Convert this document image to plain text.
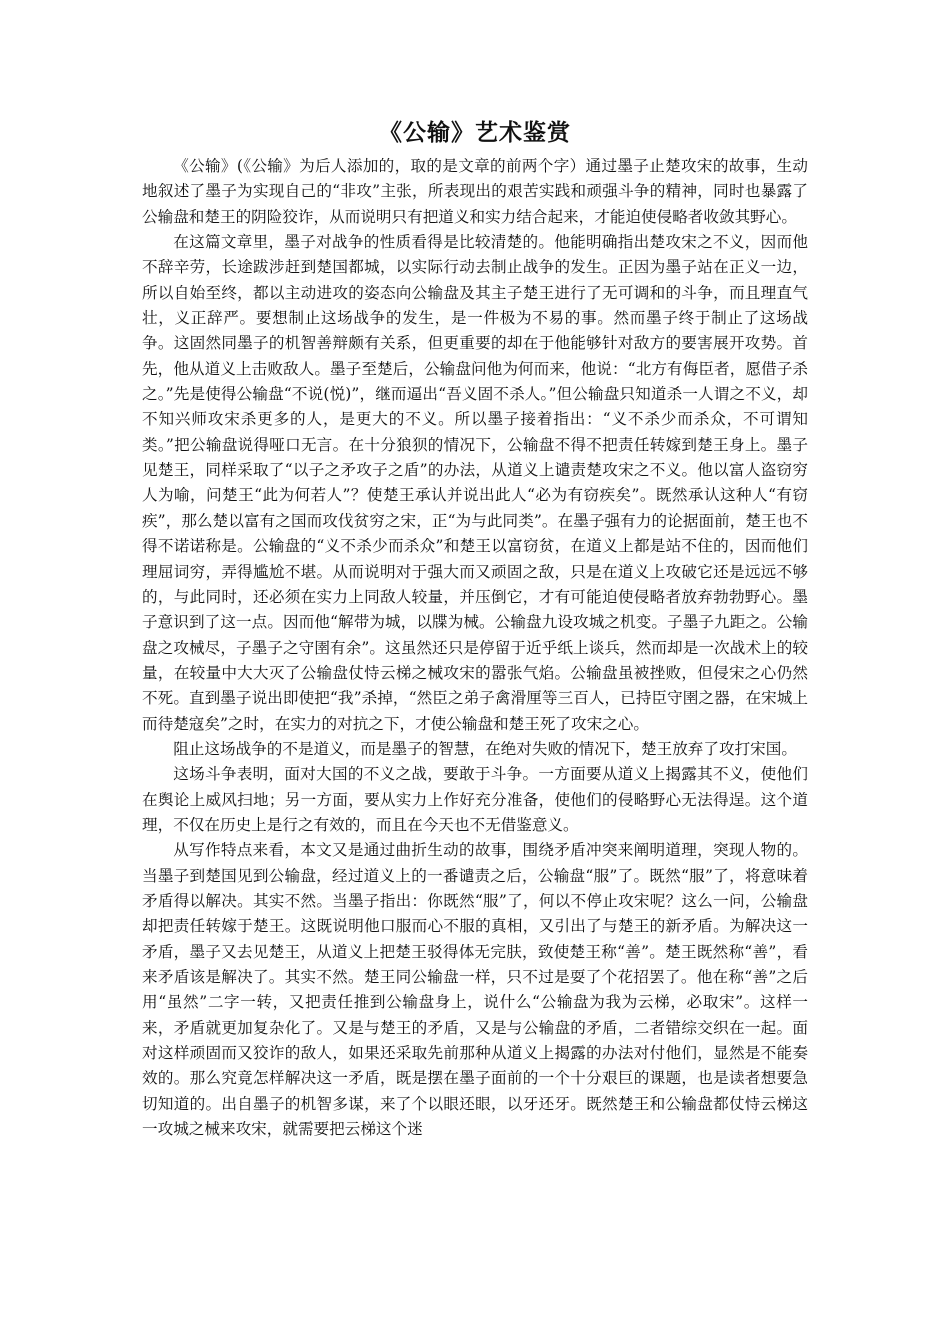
《公输》艺术鉴赏

《公输》(《公输》为后人添加的，取的是文章的前两个字）通过墨子止楚攻宋的故事，生动地叙述了墨子为实现自己的“非攻”主张，所表现出的艰苦实践和顽强斗争的精神，同时也暴露了公输盘和楚王的阴险狡诈，从而说明只有把道义和实力结合起来，才能迫使侵略者收敛其野心。

在这篇文章里，墨子对战争的性质看得是比较清楚的。他能明确指出楚攻宋之不义，因而他不辞辛劳，长途跋涉赶到楚国都城，以实际行动去制止战争的发生。正因为墨子站在正义一边，所以自始至终，都以主动进攻的姿态向公输盘及其主子楚王进行了无可调和的斗争，而且理直气壮，义正辞严。要想制止这场战争的发生，是一件极为不易的事。然而墨子终于制止了这场战争。这固然同墨子的机智善辩颇有关系，但更重要的却在于他能够针对敌方的要害展开攻势。首先，他从道义上击败敌人。墨子至楚后，公输盘问他为何而来，他说：“北方有侮臣者，愿借子杀之。”先是使得公输盘“不说(悦)”，继而逼出“吾义固不杀人。”但公输盘只知道杀一人谓之不义，却不知兴师攻宋杀更多的人，是更大的不义。所以墨子接着指出：“义不杀少而杀众，不可谓知类。”把公输盘说得哑口无言。在十分狼狈的情况下，公输盘不得不把责任转嫁到楚王身上。墨子见楚王，同样采取了“以子之矛攻子之盾”的办法，从道义上谴责楚攻宋之不义。他以富人盗窃穷人为喻，问楚王“此为何若人”？使楚王承认并说出此人“必为有窃疾矣”。既然承认这种人“有窃疾”，那么楚以富有之国而攻伐贫穷之宋，正“为与此同类”。在墨子强有力的论据面前，楚王也不得不诺诺称是。公输盘的“义不杀少而杀众”和楚王以富窃贫，在道义上都是站不住的，因而他们理屈词穷，弄得尴尬不堪。从而说明对于强大而又顽固之敌，只是在道义上攻破它还是远远不够的，与此同时，还必须在实力上同敌人较量，并压倒它，才有可能迫使侵略者放弃勃勃野心。墨子意识到了这一点。因而他“解带为城，以牒为械。公输盘九设攻城之机变。子墨子九距之。公输盘之攻械尽，子墨子之守圉有余”。这虽然还只是停留于近乎纸上谈兵，然而却是一次战术上的较量，在较量中大大灭了公输盘仗恃云梯之械攻宋的嚣张气焰。公输盘虽被挫败，但侵宋之心仍然不死。直到墨子说出即使把“我”杀掉，“然臣之弟子禽滑厘等三百人，已持臣守圉之器，在宋城上而待楚寇矣”之时，在实力的对抗之下，才使公输盘和楚王死了攻宋之心。

阻止这场战争的不是道义，而是墨子的智慧，在绝对失败的情况下，楚王放弃了攻打宋国。

这场斗争表明，面对大国的不义之战，要敢于斗争。一方面要从道义上揭露其不义，使他们在舆论上威风扫地；另一方面，要从实力上作好充分准备，使他们的侵略野心无法得逞。这个道理，不仅在历史上是行之有效的，而且在今天也不无借鉴意义。

从写作特点来看，本文又是通过曲折生动的故事，围绕矛盾冲突来阐明道理，突现人物的。当墨子到楚国见到公输盘，经过道义上的一番谴责之后，公输盘“服”了。既然“服”了，将意味着矛盾得以解决。其实不然。当墨子指出：你既然“服”了，何以不停止攻宋呢？这么一问，公输盘却把责任转嫁于楚王。这既说明他口服而心不服的真相，又引出了与楚王的新矛盾。为解决这一矛盾，墨子又去见楚王，从道义上把楚王驳得体无完肤，致使楚王称“善”。楚王既然称“善”，看来矛盾该是解决了。其实不然。楚王同公输盘一样，只不过是耍了个花招罢了。他在称“善”之后用“虽然”二字一转，又把责任推到公输盘身上，说什么“公输盘为我为云梯，必取宋”。这样一来，矛盾就更加复杂化了。又是与楚王的矛盾，又是与公输盘的矛盾，二者错综交织在一起。面对这样顽固而又狡诈的敌人，如果还采取先前那种从道义上揭露的办法对付他们，显然是不能奏效的。那么究竟怎样解决这一矛盾，既是摆在墨子面前的一个十分艰巨的课题，也是读者想要急切知道的。出自墨子的机智多谋，来了个以眼还眼，以牙还牙。既然楚王和公输盘都仗恃云梯这一攻城之械来攻宋，就需要把云梯这个迷
